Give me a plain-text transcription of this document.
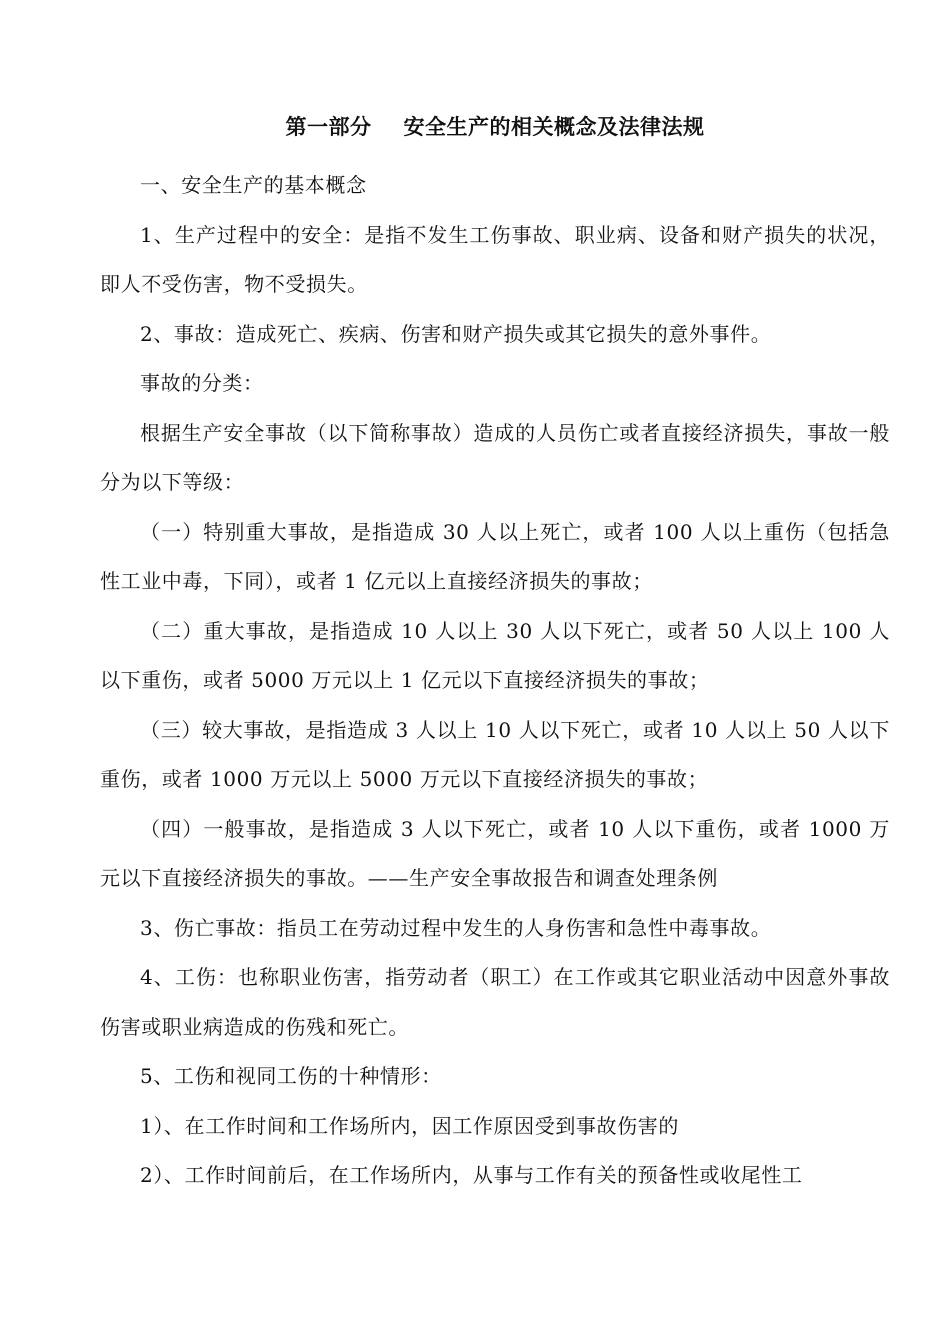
第一部分 安全生产的相关概念及法律法规

一、安全生产的基本概念

1、生产过程中的安全：是指不发生工伤事故、职业病、设备和财产损失的状况，即人不受伤害，物不受损失。

2、事故：造成死亡、疾病、伤害和财产损失或其它损失的意外事件。

事故的分类：

根据生产安全事故（以下简称事故）造成的人员伤亡或者直接经济损失，事故一般分为以下等级：

（一）特别重大事故，是指造成 30 人以上死亡，或者 100 人以上重伤（包括急性工业中毒，下同），或者 1 亿元以上直接经济损失的事故；

（二）重大事故，是指造成 10 人以上 30 人以下死亡，或者 50 人以上 100 人以下重伤，或者 5000 万元以上 1 亿元以下直接经济损失的事故；

（三）较大事故，是指造成 3 人以上 10 人以下死亡，或者 10 人以上 50 人以下重伤，或者 1000 万元以上 5000 万元以下直接经济损失的事故；

（四）一般事故，是指造成 3 人以下死亡，或者 10 人以下重伤，或者 1000 万元以下直接经济损失的事故。——生产安全事故报告和调查处理条例

3、伤亡事故：指员工在劳动过程中发生的人身伤害和急性中毒事故。

4、工伤：也称职业伤害，指劳动者（职工）在工作或其它职业活动中因意外事故伤害或职业病造成的伤残和死亡。

5、工伤和视同工伤的十种情形：

1）、在工作时间和工作场所内，因工作原因受到事故伤害的

2）、工作时间前后，在工作场所内，从事与工作有关的预备性或收尾性工
